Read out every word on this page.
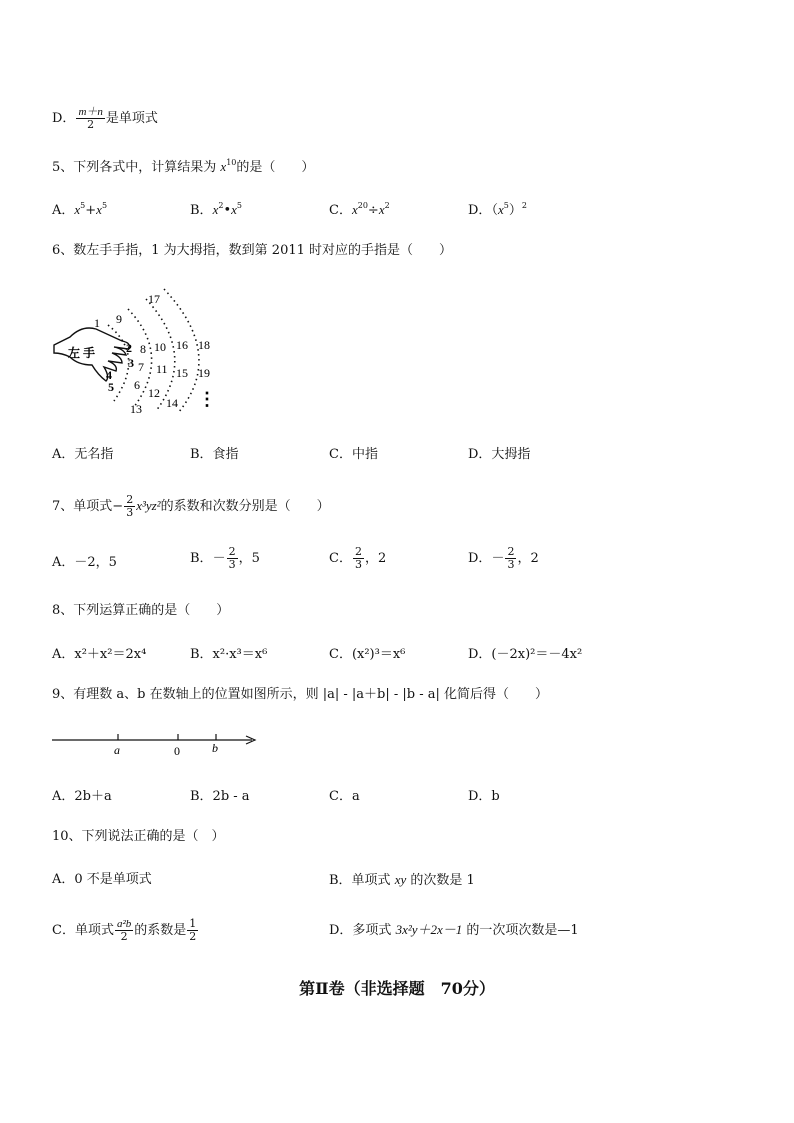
D． $\frac{m+n}{2}$ 是单项式
5、下列各式中，计算结果为 $x^{10}$的是（　　）
A．$x^5+x^5$	B．$x^2•x^5$	C．$x^{20}\div x^2$	D．$(x^5)^2$
6、数左手手指，1 为大拇指，数到第 2011 时对应的手指是（　　）
左 手
1
2
3
4
5 6
7
8
9
10
11
12
13 14
15
16
17
18
19
⋮
A．无名指	B．食指	C．中指	D．大拇指
7、单项式− $\frac{2}{3} x^3yz^2$的系数和次数分别是（　　）
A．－2，5	B．－ $\frac{2}{3}$ ，5	C． $\frac{2}{3}$ ，2	D．－ $\frac{2}{3}$ ，2
8、下列运算正确的是（　　）
A．x²＋x²＝2x⁴	B．x²·x³＝x⁶	C．(x²)³＝x⁶	D．(－2x)²＝－4x²
9、有理数 a、b 在数轴上的位置如图所示，则 |a| - |a＋b| - |b - a| 化简后得（　　）
a	0	b
A．2b＋a	B．2b - a	C．a	D．b
10、下列说法正确的是（　）
A．0 不是单项式	B．单项式 xy 的次数是 1
C．单项式 $\frac{\text{a²b}}{2}$ 的系数是 $\frac{1}{2}$	D．多项式 3x²y＋2x－1 的一次项次数是—1
第Ⅱ卷（非选择题　70分）
